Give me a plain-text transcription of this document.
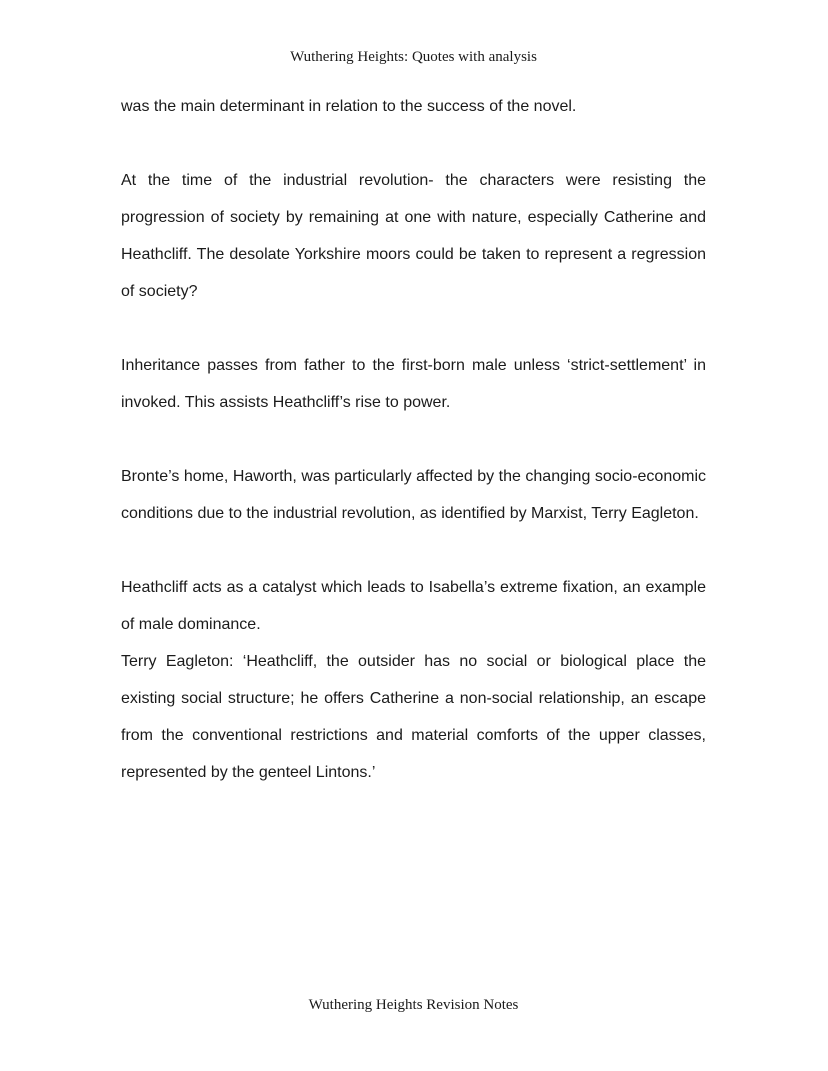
Wuthering Heights: Quotes with analysis

was the main determinant in relation to the success of the novel.

At the time of the industrial revolution- the characters were resisting the progression of society by remaining at one with nature, especially Catherine and Heathcliff. The desolate Yorkshire moors could be taken to represent a regression of society?

Inheritance passes from father to the first-born male unless ‘strict-settlement’ in invoked. This assists Heathcliff’s rise to power.

Bronte’s home, Haworth, was particularly affected by the changing socio-economic conditions due to the industrial revolution, as identified by Marxist, Terry Eagleton.

Heathcliff acts as a catalyst which leads to Isabella’s extreme fixation, an example of male dominance.

Terry Eagleton: ‘Heathcliff, the outsider has no social or biological place the existing social structure; he offers Catherine a non-social relationship, an escape from the conventional restrictions and material comforts of the upper classes, represented by the genteel Lintons.’

Wuthering Heights Revision Notes
